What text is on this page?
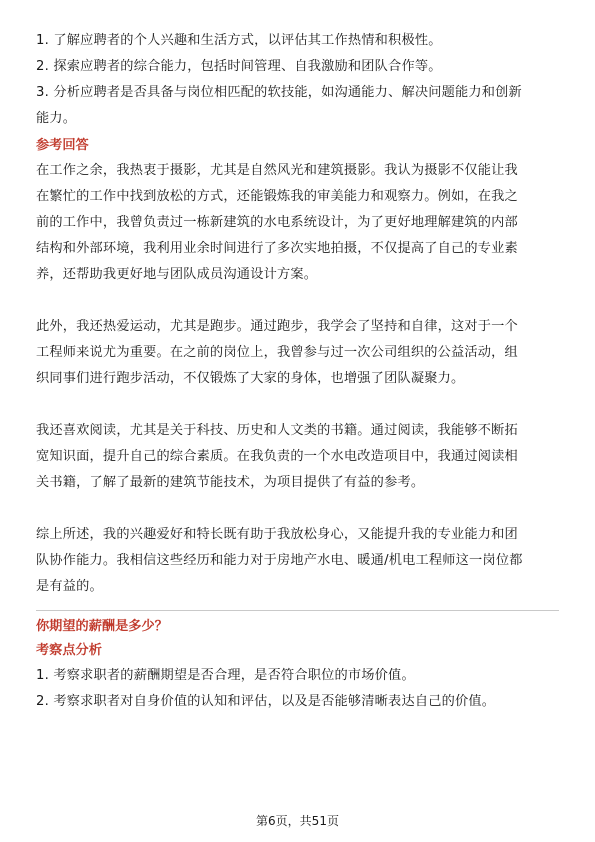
1. 了解应聘者的个人兴趣和生活方式，以评估其工作热情和积极性。

2. 探索应聘者的综合能力，包括时间管理、自我激励和团队合作等。

3. 分析应聘者是否具备与岗位相匹配的软技能，如沟通能力、解决问题能力和创新

能力。

参考回答

在工作之余，我热衷于摄影，尤其是自然风光和建筑摄影。我认为摄影不仅能让我

在繁忙的工作中找到放松的方式，还能锻炼我的审美能力和观察力。例如，在我之

前的工作中，我曾负责过一栋新建筑的水电系统设计，为了更好地理解建筑的内部

结构和外部环境，我利用业余时间进行了多次实地拍摄，不仅提高了自己的专业素

养，还帮助我更好地与团队成员沟通设计方案。

此外，我还热爱运动，尤其是跑步。通过跑步，我学会了坚持和自律，这对于一个

工程师来说尤为重要。在之前的岗位上，我曾参与过一次公司组织的公益活动，组

织同事们进行跑步活动，不仅锻炼了大家的身体，也增强了团队凝聚力。

我还喜欢阅读，尤其是关于科技、历史和人文类的书籍。通过阅读，我能够不断拓

宽知识面，提升自己的综合素质。在我负责的一个水电改造项目中，我通过阅读相

关书籍，了解了最新的建筑节能技术，为项目提供了有益的参考。

综上所述，我的兴趣爱好和特长既有助于我放松身心，又能提升我的专业能力和团

队协作能力。我相信这些经历和能力对于房地产水电、暖通/机电工程师这一岗位都

是有益的。

你期望的薪酬是多少？

考察点分析

1. 考察求职者的薪酬期望是否合理，是否符合职位的市场价值。

2. 考察求职者对自身价值的认知和评估，以及是否能够清晰表达自己的价值。

第6页，共51页
